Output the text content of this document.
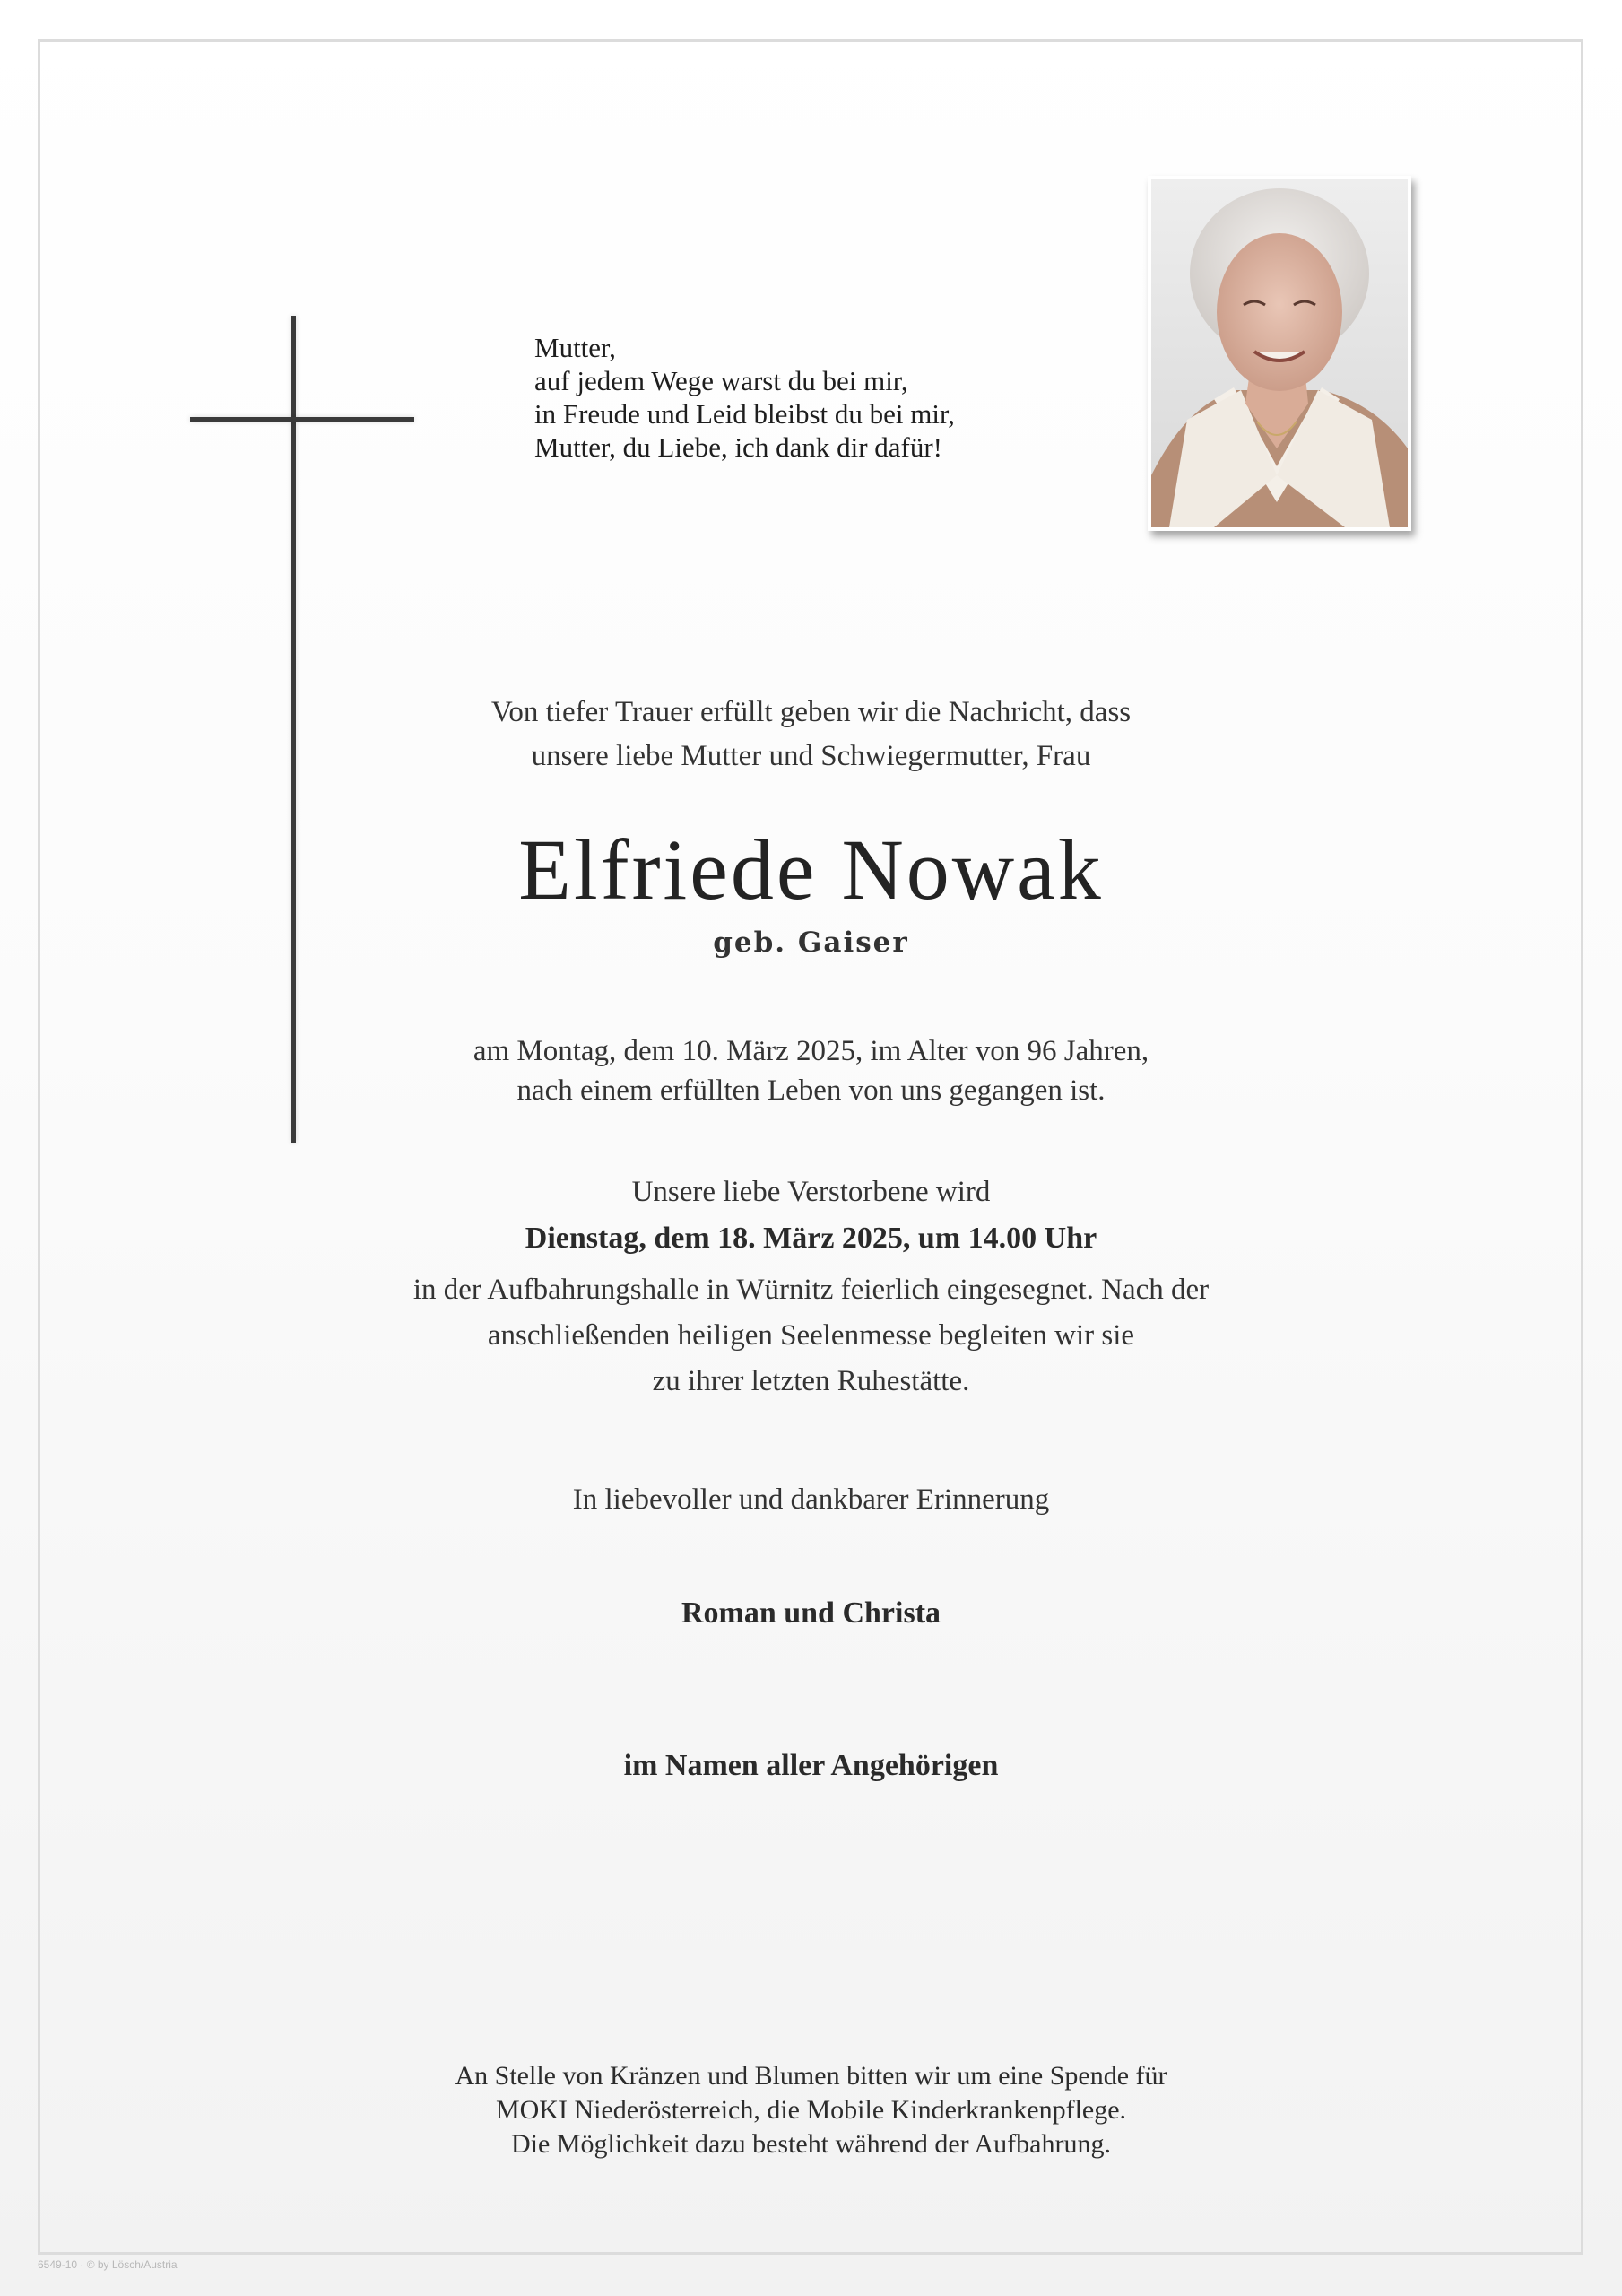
Mutter,
auf jedem Wege warst du bei mir,
in Freude und Leid bleibst du bei mir,
Mutter, du Liebe, ich dank dir dafür!
Von tiefer Trauer erfüllt geben wir die Nachricht, dass
unsere liebe Mutter und Schwiegermutter, Frau
Elfriede Nowak
geb. Gaiser
am Montag, dem 10. März 2025, im Alter von 96 Jahren,
nach einem erfüllten Leben von uns gegangen ist.
Unsere liebe Verstorbene wird
Dienstag, dem 18. März 2025, um 14.00 Uhr
in der Aufbahrungshalle in Würnitz feierlich eingesegnet. Nach der
anschließenden heiligen Seelenmesse begleiten wir sie
zu ihrer letzten Ruhestätte.
In liebevoller und dankbarer Erinnerung
Roman und Christa
im Namen aller Angehörigen
An Stelle von Kränzen und Blumen bitten wir um eine Spende für
MOKI Niederösterreich, die Mobile Kinderkrankenpflege.
Die Möglichkeit dazu besteht während der Aufbahrung.
6549-10 · © by Lösch/Austria
